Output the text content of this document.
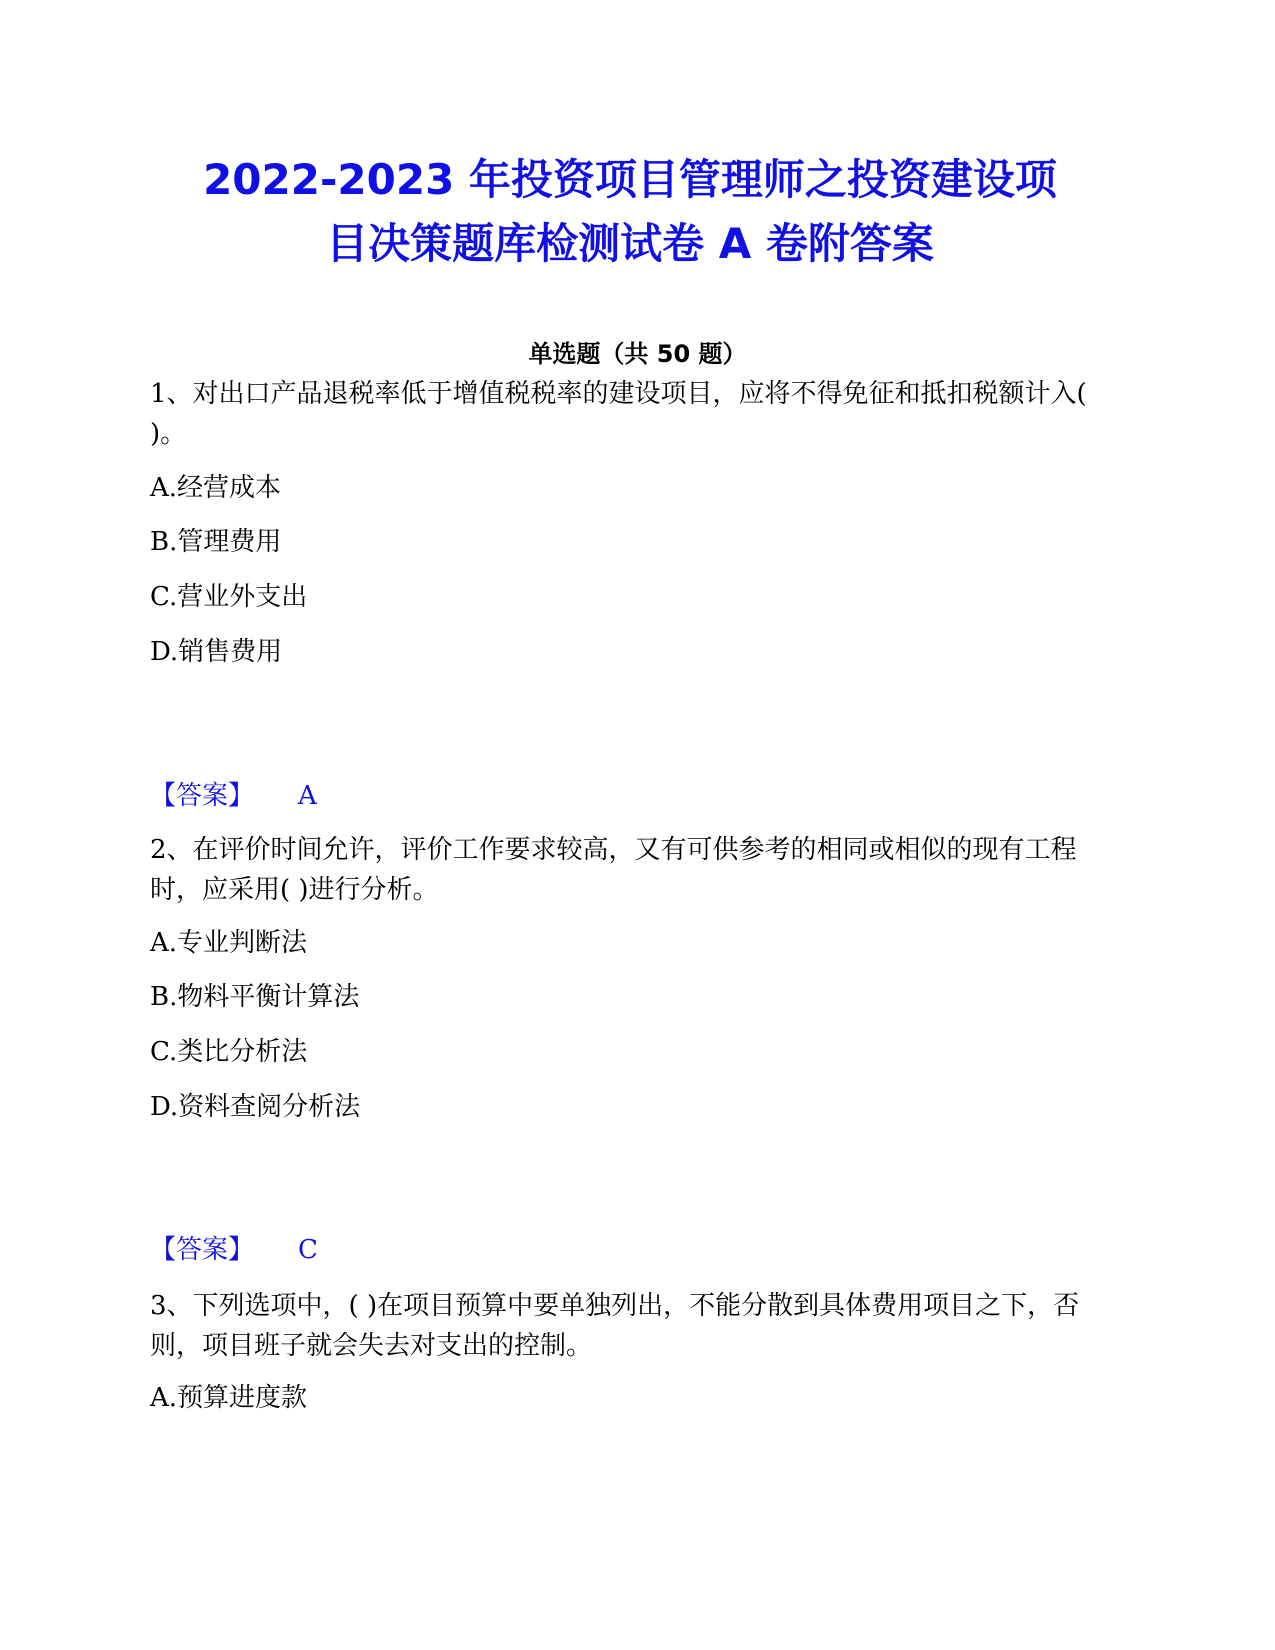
2022-2023 年投资项目管理师之投资建设项
目决策题库检测试卷 A 卷附答案
单选题（共 50 题）

1、对出口产品退税率低于增值税税率的建设项目，应将不得免征和抵扣税额计入( )。

A.经营成本
B.管理费用
C.营业外支出
D.销售费用
【答案】 A

2、在评价时间允许，评价工作要求较高，又有可供参考的相同或相似的现有工程时，应采用( )进行分析。

A.专业判断法
B.物料平衡计算法
C.类比分析法
D.资料查阅分析法
【答案】 C

3、下列选项中，( )在项目预算中要单独列出，不能分散到具体费用项目之下，否则，项目班子就会失去对支出的控制。

A.预算进度款
